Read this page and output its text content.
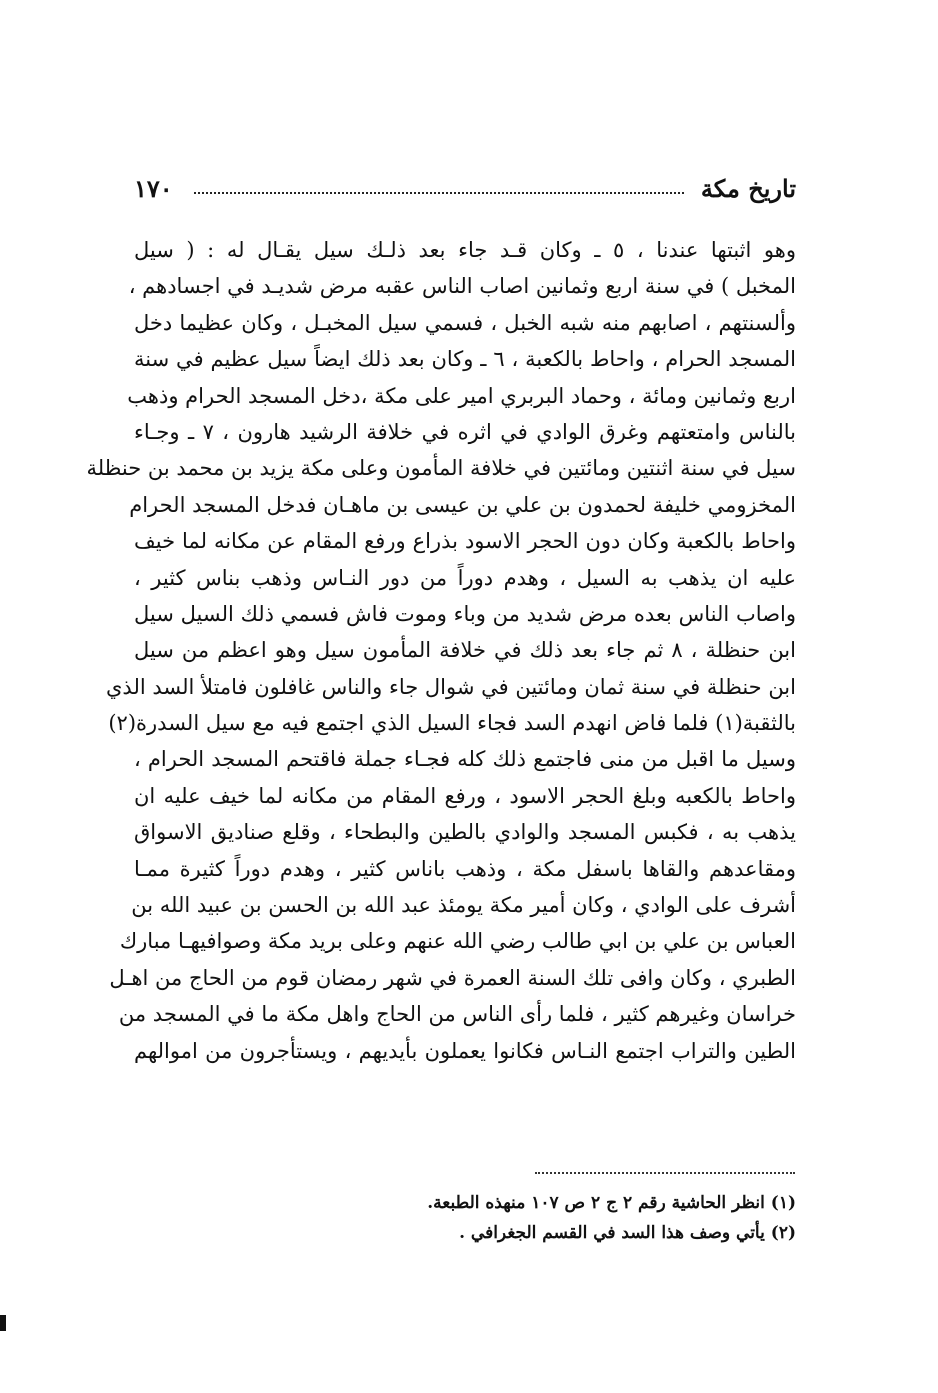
تاريخ مكة
١٧٠
وهو اثبتها عندنا ، ٥ ـ وكان قـد جاء بعد ذلـك سيل يقـال له : ( سيل
المخبل ) في سنة اربع وثمانين اصاب الناس عقبه مرض شديـد في اجسادهم ،
وألسنتهم ، اصابهم منه شبه الخبل ، فسمي سيل المخبـل ، وكان عظيما دخل
المسجد الحرام ، واحاط بالكعبة ، ٦ ـ وكان بعد ذلك ايضاً سيل عظيم في سنة
اربع وثمانين ومائة ، وحماد البربري امير على مكة ،دخل المسجد الحرام وذهب
بالناس وامتعتهم وغرق الوادي في اثره في خلافة الرشيد هارون ، ٧ ـ وجـاء
سيل في سنة اثنتين ومائتين في خلافة المأمون وعلى مكة يزيد بن محمد بن حنظلة
المخزومي خليفة لحمدون بن علي بن عيسى بن ماهـان فدخل المسجد الحرام
واحاط بالكعبة وكان دون الحجر الاسود بذراع ورفع المقام عن مكانه لما خيف
عليه ان يذهب به السيل ، وهدم دوراً من دور النـاس وذهب بناس كثير ،
واصاب الناس بعده مرض شديد من وباء وموت فاش فسمي ذلك السيل سيل
ابن حنظلة ، ٨ ثم جاء بعد ذلك في خلافة المأمون سيل وهو اعظم من سيل
ابن حنظلة في سنة ثمان ومائتين في شوال جاء والناس غافلون فامتلأ السد الذي
بالثقبة(١) فلما فاض انهدم السد فجاء السيل الذي اجتمع فيه مع سيل السدرة(٢)
وسيل ما اقبل من منى فاجتمع ذلك كله فجـاء جملة فاقتحم المسجد الحرام ،
واحاط بالكعبه وبلغ الحجر الاسود ، ورفع المقام من مكانه لما خيف عليه ان
يذهب به ، فكبس المسجد والوادي بالطين والبطحاء ، وقلع صناديق الاسواق
ومقاعدهم والقاها باسفل مكة ، وذهب باناس كثير ، وهدم دوراً كثيرة ممـا
أشرف على الوادي ، وكان أمير مكة يومئذ عبد الله بن الحسن بن عبيد الله بن
العباس بن علي بن ابي طالب رضي الله عنهم وعلى بريد مكة وصوافيهـا مبارك
الطبري ، وكان وافى تلك السنة العمرة في شهر رمضان قوم من الحاج من اهـل
خراسان وغيرهم كثير ، فلما رأى الناس من الحاج واهل مكة ما في المسجد من
الطين والتراب اجتمع النـاس فكانوا يعملون بأيديهم ، ويستأجرون من اموالهم
(١) انظر الحاشية رقم ٢ ج ٢ ص ١٠٧ منهذه الطبعة.
(٢) يأتي وصف هذا السد في القسم الجغرافي .
